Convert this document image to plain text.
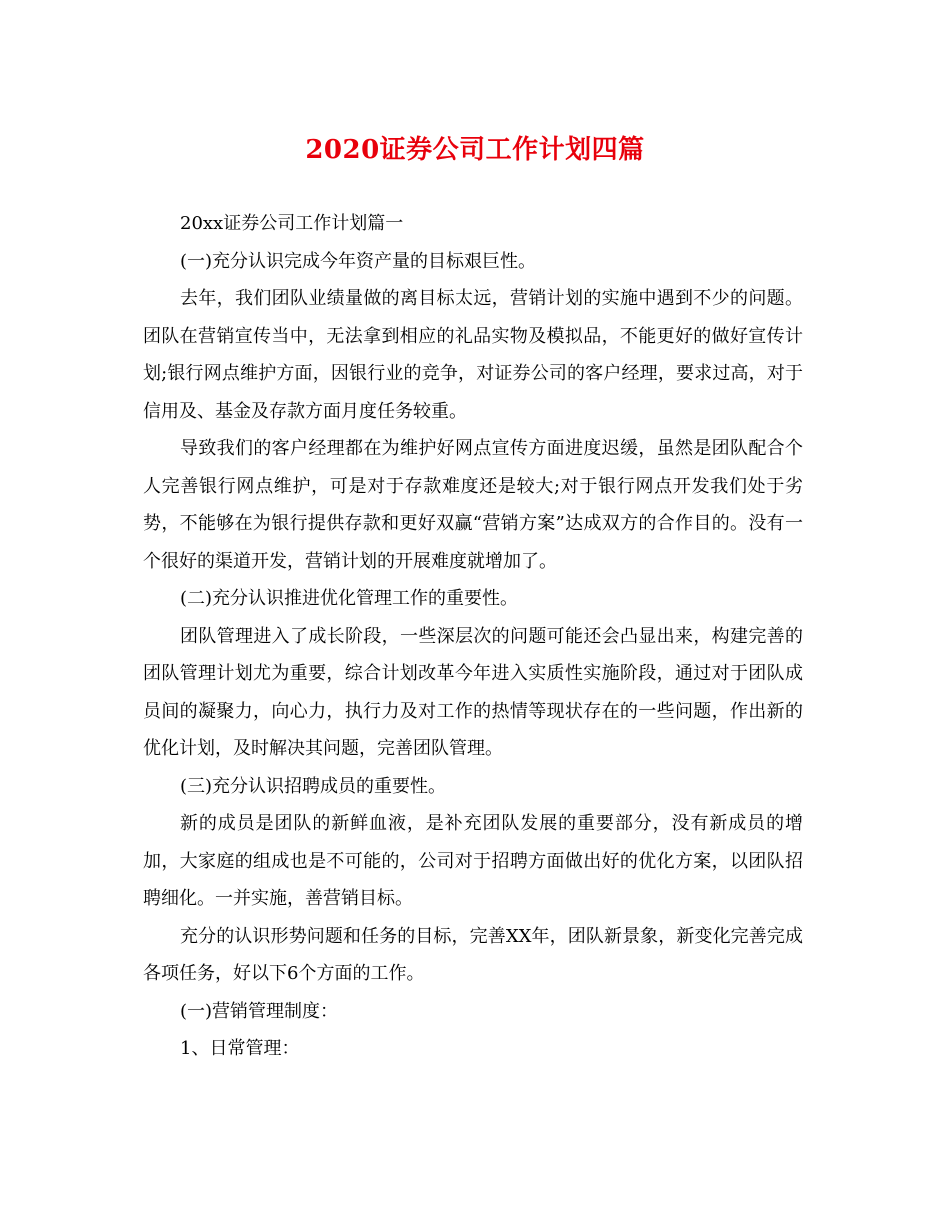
2020证券公司工作计划四篇

20xx证券公司工作计划篇一

(一)充分认识完成今年资产量的目标艰巨性。

去年，我们团队业绩量做的离目标太远，营销计划的实施中遇到不少的问题。团队在营销宣传当中，无法拿到相应的礼品实物及模拟品，不能更好的做好宣传计划;银行网点维护方面，因银行业的竞争，对证券公司的客户经理，要求过高，对于信用及、基金及存款方面月度任务较重。

导致我们的客户经理都在为维护好网点宣传方面进度迟缓，虽然是团队配合个人完善银行网点维护，可是对于存款难度还是较大;对于银行网点开发我们处于劣势，不能够在为银行提供存款和更好双赢“营销方案”达成双方的合作目的。没有一个很好的渠道开发，营销计划的开展难度就增加了。

(二)充分认识推进优化管理工作的重要性。

团队管理进入了成长阶段，一些深层次的问题可能还会凸显出来，构建完善的团队管理计划尤为重要，综合计划改革今年进入实质性实施阶段，通过对于团队成员间的凝聚力，向心力，执行力及对工作的热情等现状存在的一些问题，作出新的优化计划，及时解决其问题，完善团队管理。

(三)充分认识招聘成员的重要性。

新的成员是团队的新鲜血液，是补充团队发展的重要部分，没有新成员的增加，大家庭的组成也是不可能的，公司对于招聘方面做出好的优化方案，以团队招聘细化。一并实施，善营销目标。

充分的认识形势问题和任务的目标，完善XX年，团队新景象，新变化完善完成各项任务，好以下6个方面的工作。

(一)营销管理制度：

1、日常管理：
